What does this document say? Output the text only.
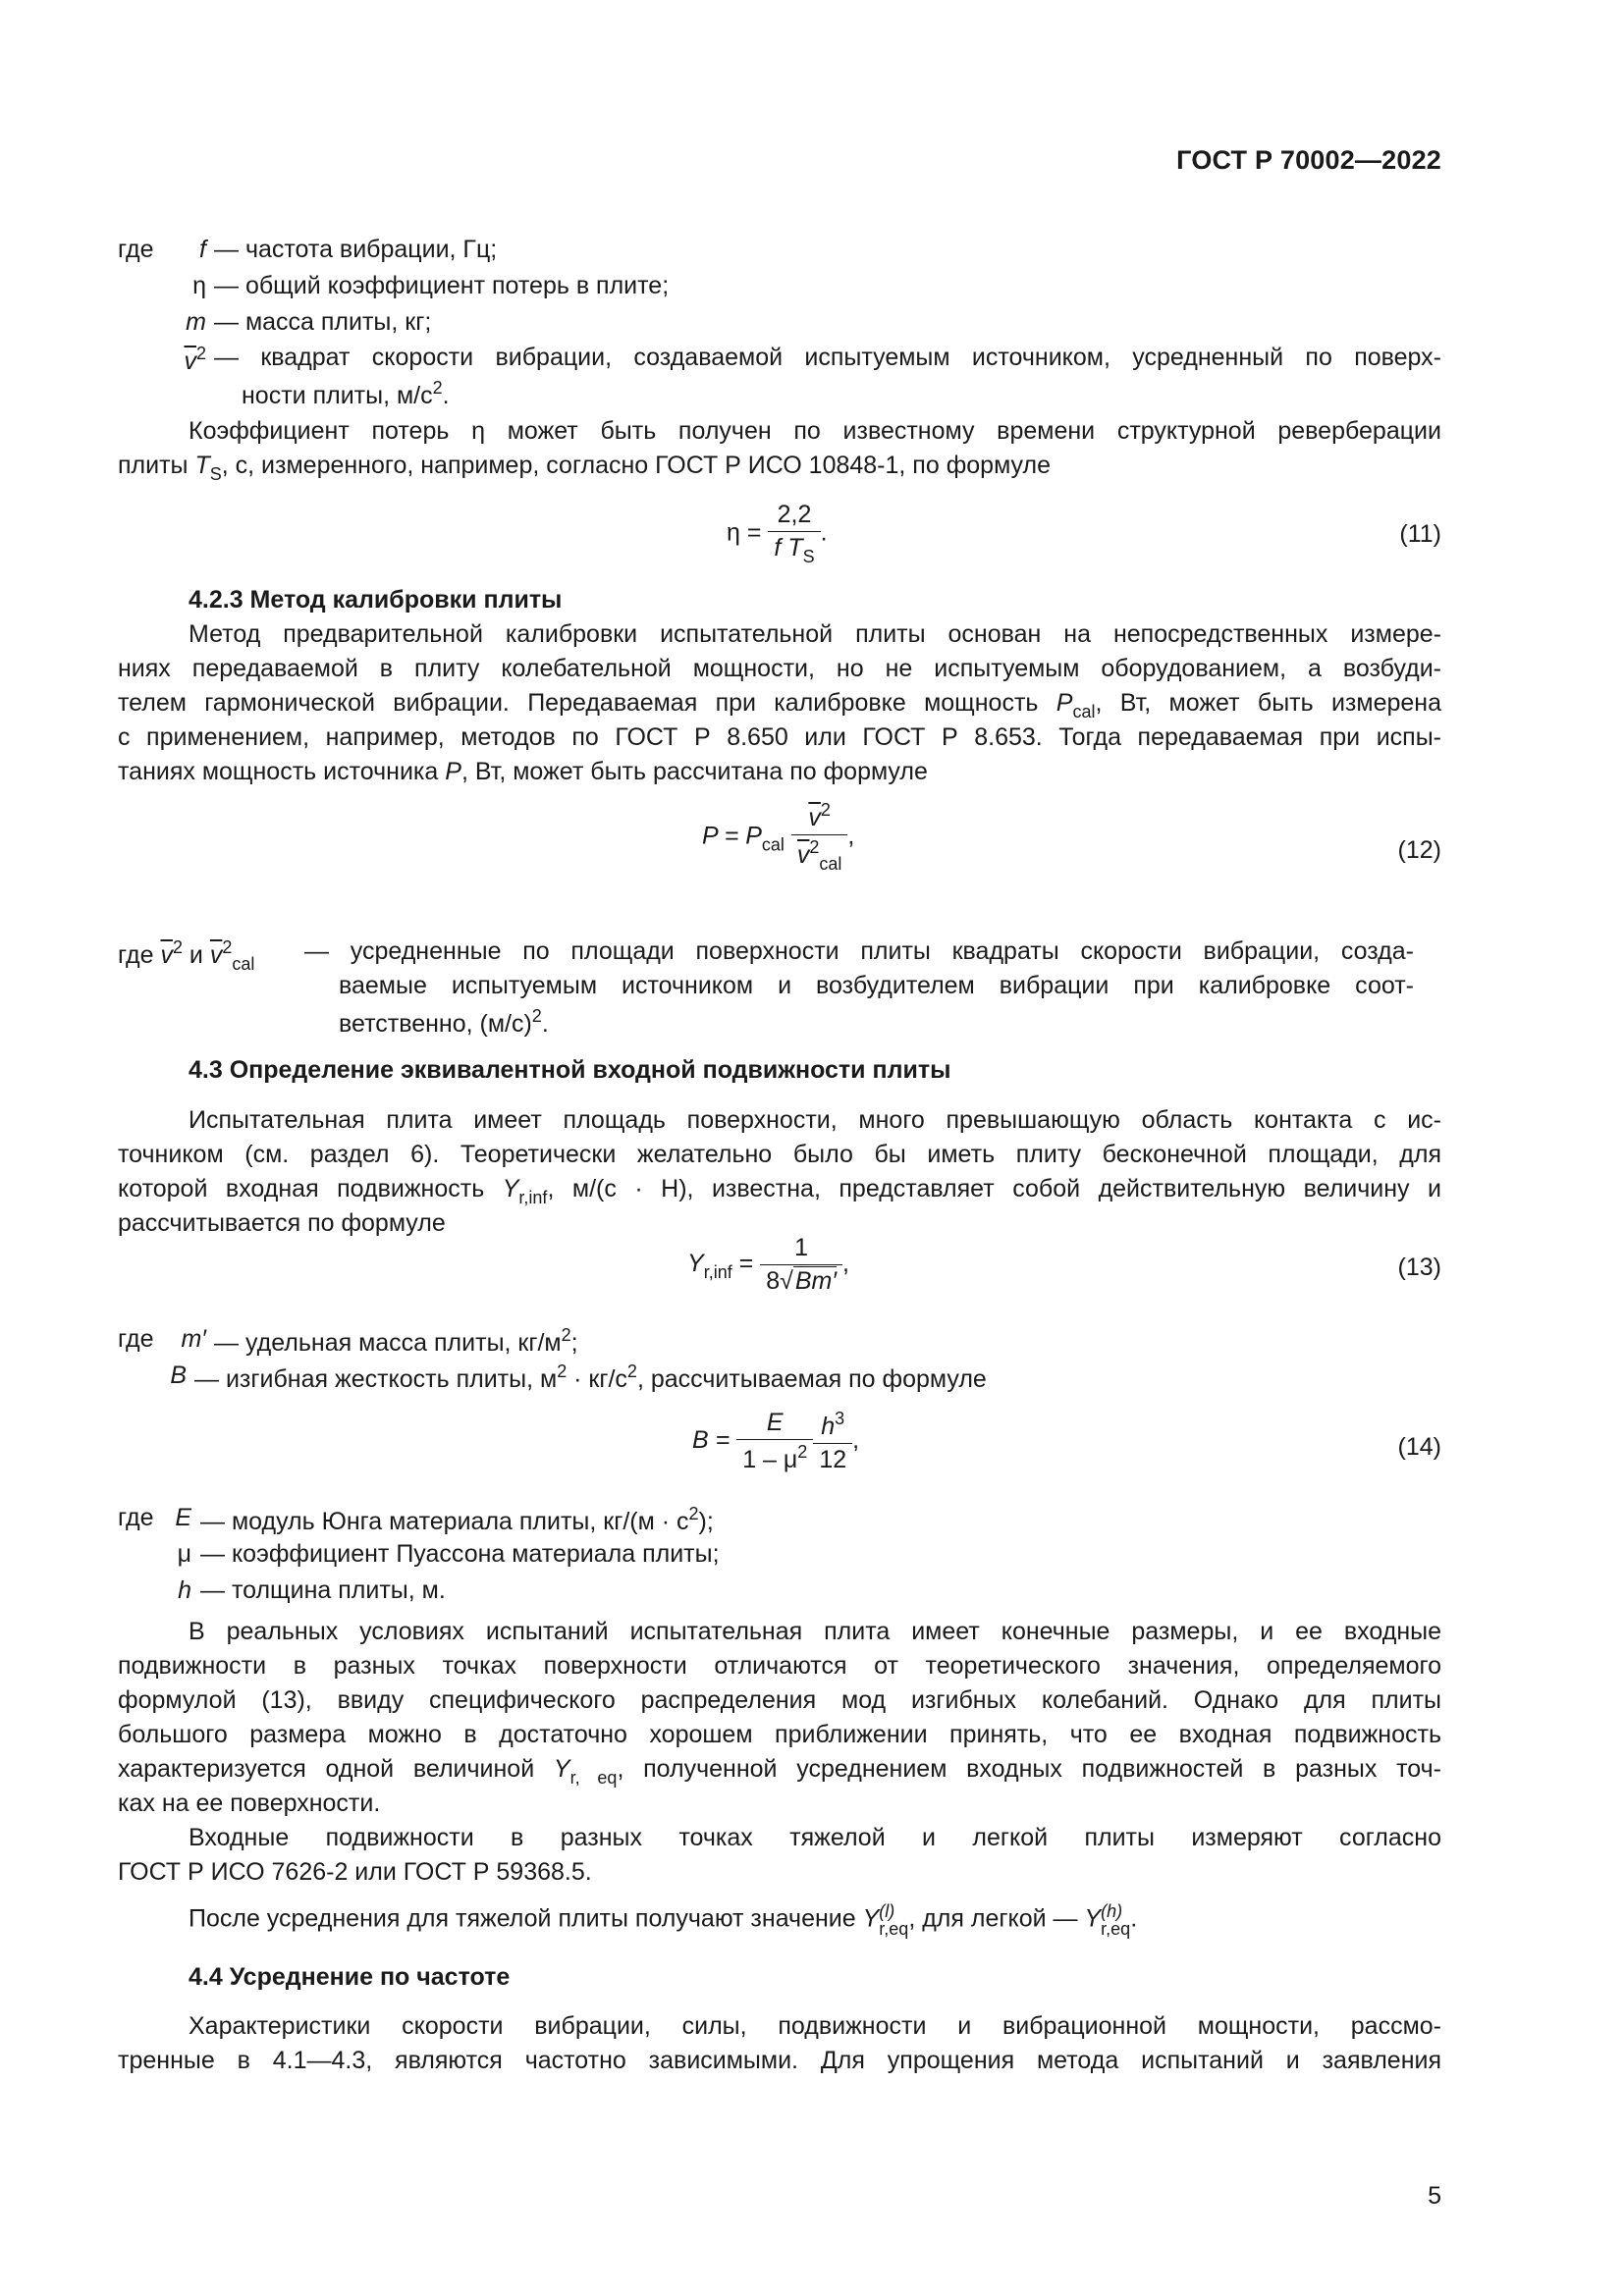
ГОСТ Р 70002—2022
где	f — частота вибрации, Гц;
η — общий коэффициент потерь в плите;
m — масса плиты, кг;
$\overline{v}^2$ — квадрат скорости вибрации, создаваемой испытуемым источником, усредненный по поверх-
ности плиты, $м/с^2$.
Коэффициент потерь η может быть получен по известному времени структурной реверберации
плиты $T_S$, с, измеренного, например, согласно ГОСТ Р ИСО 10848-1, по формуле
$\eta = \frac{2,2}{f T_S}$ .	(11)
4.2.3 Метод калибровки плиты
Метод предварительной калибровки испытательной плиты основан на непосредственных измере-
ниях передаваемой в плиту колебательной мощности, но не испытуемым оборудованием, а возбуди-
телем гармонической вибрации. Передаваемая при калибровке мощность $P_{cal}$, Вт, может быть измерена
с применением, например, методов по ГОСТ Р 8.650 или ГОСТ Р 8.653. Тогда передаваемая при испы-
таниях мощность источника P, Вт, может быть рассчитана по формуле
$P = P_{cal} \frac{\overline{v}^2}{\overline{v}^2_{cal}}$ ,
(12)
где $\overline{v}^2$ и $\overline{v}^2_{cal}$ — усредненные по площади поверхности плиты квадраты скорости вибрации, созда-
ваемые испытуемым источником и возбудителем вибрации при калибровке соот-
ветственно, $(м/с)^2$.
4.3 Определение эквивалентной входной подвижности плиты
Испытательная плита имеет площадь поверхности, много превышающую область контакта с ис-
точником (см. раздел 6). Теоретически желательно было бы иметь плиту бесконечной площади, для
которой входная подвижность $Y_{r,inf}$, м/(с · Н), известна, представляет собой действительную величину и
рассчитывается по формуле
$Y_{r,inf} = \frac{1}{8√Bm'}$ ,	(13)
где	m′ — удельная масса плиты, $кг/м^2$;
B — изгибная жесткость плиты, $м^2 \cdot кг/с^2$, рассчитываемая по формуле
$B = \frac{E}{1 - \mu^2} \frac{h^3}{12}$ ,	(14)
где E — модуль Юнга материала плиты, $кг/(м \cdot с^2)$;
μ — коэффициент Пуассона материала плиты;
h — толщина плиты, м.
В реальных условиях испытаний испытательная плита имеет конечные размеры, и ее входные
подвижности в разных точках поверхности отличаются от теоретического значения, определяемого
формулой (13), ввиду специфического распределения мод изгибных колебаний. Однако для плиты
большого размера можно в достаточно хорошем приближении принять, что ее входная подвижность
характеризуется одной величиной $Y_{r, eq}$, полученной усреднением входных подвижностей в разных точ-
ках на ее поверхности.
Входные подвижности в разных точках тяжелой и легкой плиты измеряют согласно
ГОСТ Р ИСО 7626-2 или ГОСТ Р 59368.5.
После усреднения для тяжелой плиты получают значение Y (l)
r,eq , для легкой — Y (h)
r,eq .
4.4 Усреднение по частоте
Характеристики скорости вибрации, силы, подвижности и вибрационной мощности, рассмо-
тренные в 4.1—4.3, являются частотно зависимыми. Для упрощения метода испытаний и заявления
5
